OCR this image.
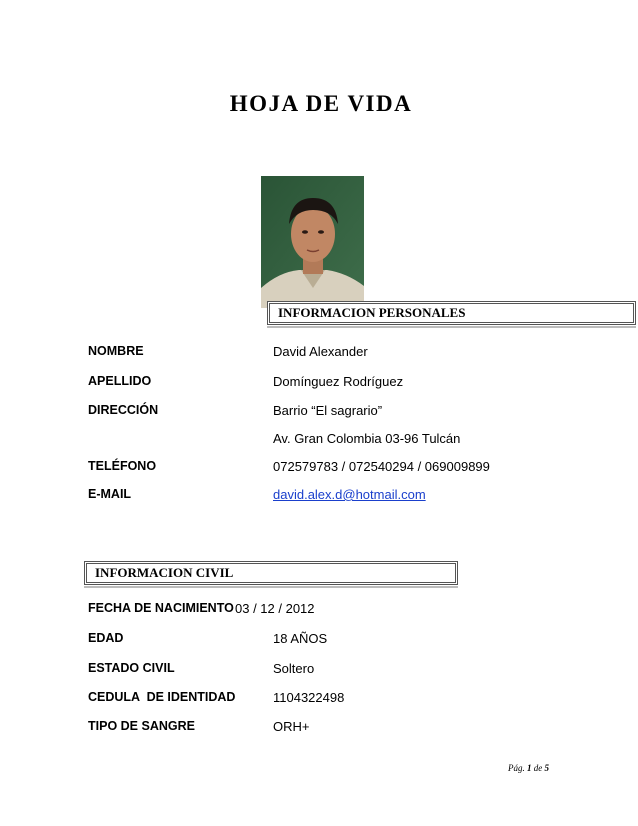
HOJA DE VIDA
INFORMACION PERSONALES
NOMBRE	David Alexander
APELLIDO	Domínguez Rodríguez
DIRECCIÓN	Barrio “El sagrario”
Av. Gran Colombia 03-96 Tulcán
TELÉFONO	072579783 / 072540294 / 069009899
E-MAIL	david.alex.d@hotmail.com
INFORMACION CIVIL
FECHA DE NACIMIENTO 03 / 12 / 2012
EDAD	18 AÑOS
ESTADO CIVIL	Soltero
CEDULA  DE IDENTIDAD	1104322498
TIPO DE SANGRE	ORH+
Pág. 1 de 5
